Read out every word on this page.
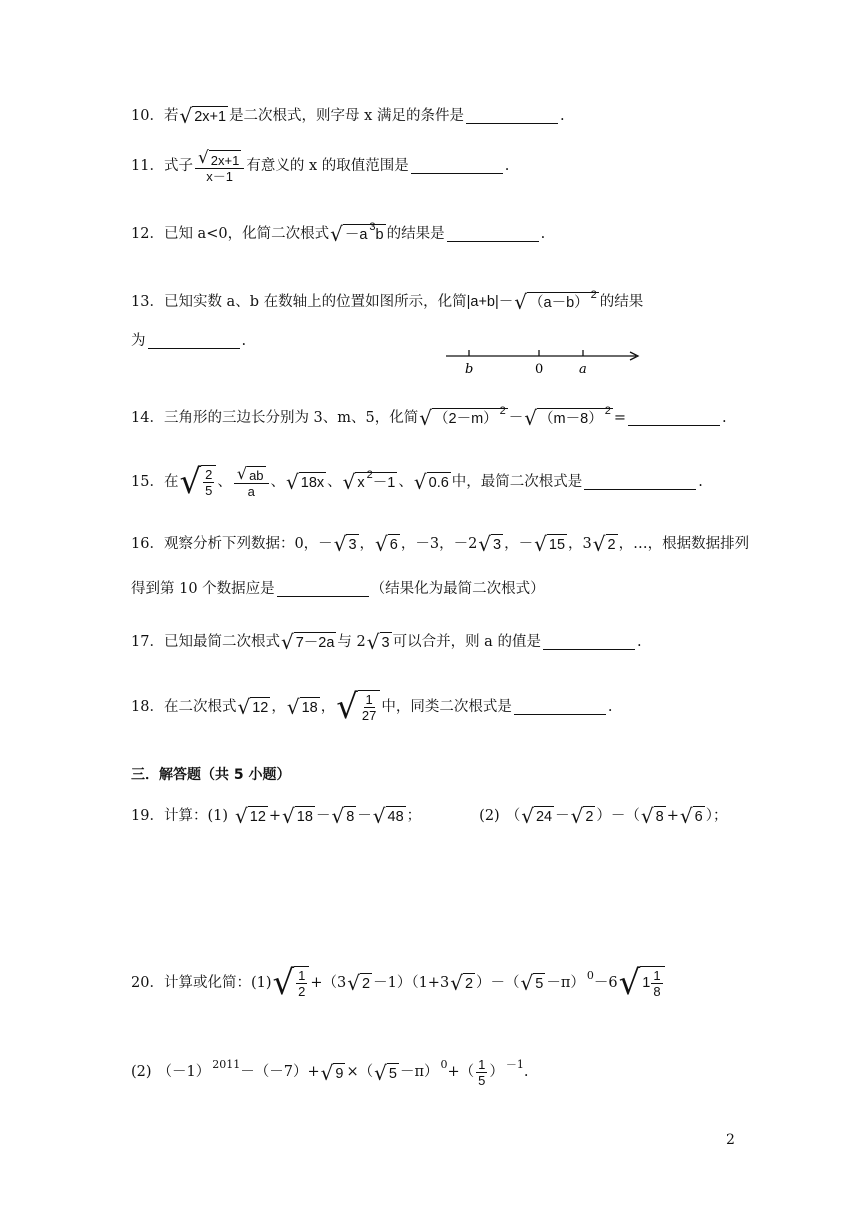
10． 若 √ 2x+1 是二次根式，则字母 x 满足的条件是	.
11． 式子 $\frac{√ 2x+1}{x-1}$ 有意义的 x 的取值范围是	.
12． 已知 a<0，化简二次根式 √ －a
3
b 的结果是	.
13． 已知实数 a、b 在数轴上的位置如图所示，化简 |a+b| － √ （a－b）
2 的结果
为	.
b	0	a
14． 三角形的三边长分别为 3、m、5，化简 √ （2－m）
2 － √ （m－8）
2 =	.
15． 在 √ $\frac{2}{5}$ 、 $\frac{√ ab}{a}$ 、 √ 18x 、 √ x
2
－1 、 √ 0.6 中，最简二次根式是	.
16． 观察分析下列数据：0，－ √ 3 ， √ 6 ，－3，－2 √ 3 ，－ √ 15 ，3 √ 2 ，…，根据数据排列
得到第 10 个数据应是	（结果化为最简二次根式）
17． 已知最简二次根式 √ 7－2a 与 2 √ 3 可以合并，则 a 的值是	.
18． 在二次根式 √ 12 ， √ 18 ， √ $\frac{1}{27}$ 中，同类二次根式是	.
三．解答题（共 5 小题）
19． 计算：(1) √ 12 + √ 18 － √ 8 － √ 48 ；	(2) （ √ 24 － √ 2 ） －（ √ 8 + √ 6 ）；
20． 计算或化简：(1) √ $\frac{1}{2} +(3$ √ 2 －1）（1+3 √ 2 ）－（ √ 5 －π） 0 －6 √ $1 \frac{1}{8}$
(2) （－1） 2011 －（－7）+ √ 9 ×（ √ 5 －π） 0 +（ $\frac{1}{5}$ ） －1 .
2
